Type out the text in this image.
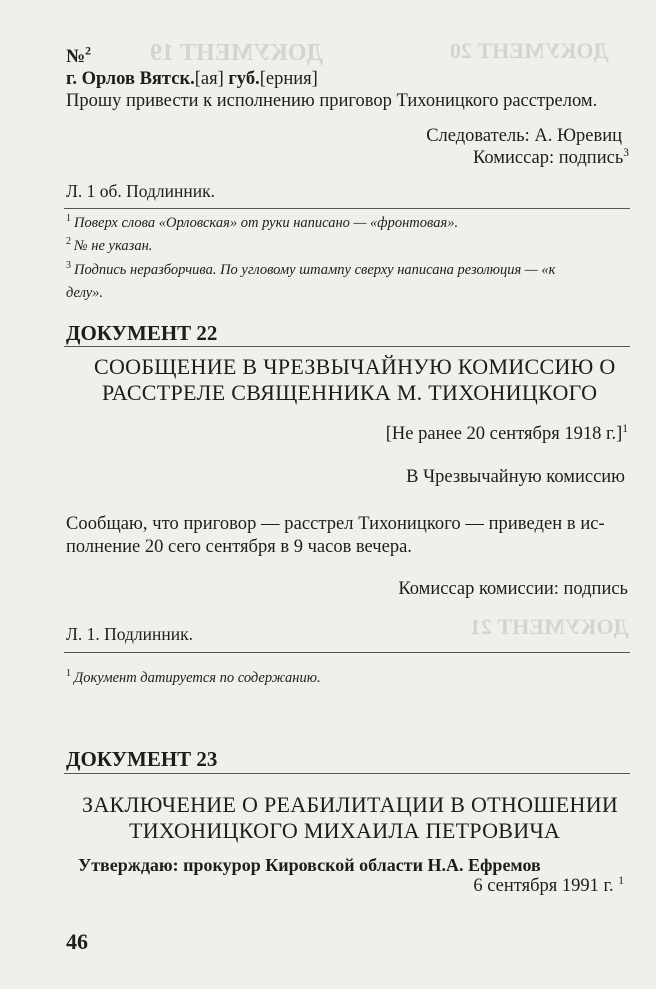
ДОКУМЕНТ 19	ДОКУМЕНТ 20
ДОКУМЕНТ 21
№$^2$
г. Орлов Вятск.[ая] губ.[ерния]
Прошу привести к исполнению приговор Тихоницкого расстрелом.
Следователь: А. Юревиц
Комиссар: подпись$^3$
Л. 1 об. Подлинник.
$^1$ Поверх слова «Орловская» от руки написано — «фронтовая».
$^2$ № не указан.
$^3$ Подпись неразборчива. По угловому штампу сверху написана резолюция — «к
делу».
ДОКУМЕНТ 22
СООБЩЕНИЕ В ЧРЕЗВЫЧАЙНУЮ КОМИССИЮ О
РАССТРЕЛЕ СВЯЩЕННИКА М. ТИХОНИЦКОГО
[Не ранее 20 сентября 1918 г.]$^1$
В Чрезвычайную комиссию
Сообщаю, что приговор — расстрел Тихоницкого — приведен в ис-
полнение 20 сего сентября в 9 часов вечера.
Комиссар комиссии: подпись
Л. 1. Подлинник.
$^1$ Документ датируется по содержанию.
ДОКУМЕНТ 23
ЗАКЛЮЧЕНИЕ О РЕАБИЛИТАЦИИ В ОТНОШЕНИИ
ТИХОНИЦКОГО МИХАИЛА ПЕТРОВИЧА
Утверждаю: прокурор Кировской области Н.А. Ефремов
6 сентября 1991 г. $^1$
46
